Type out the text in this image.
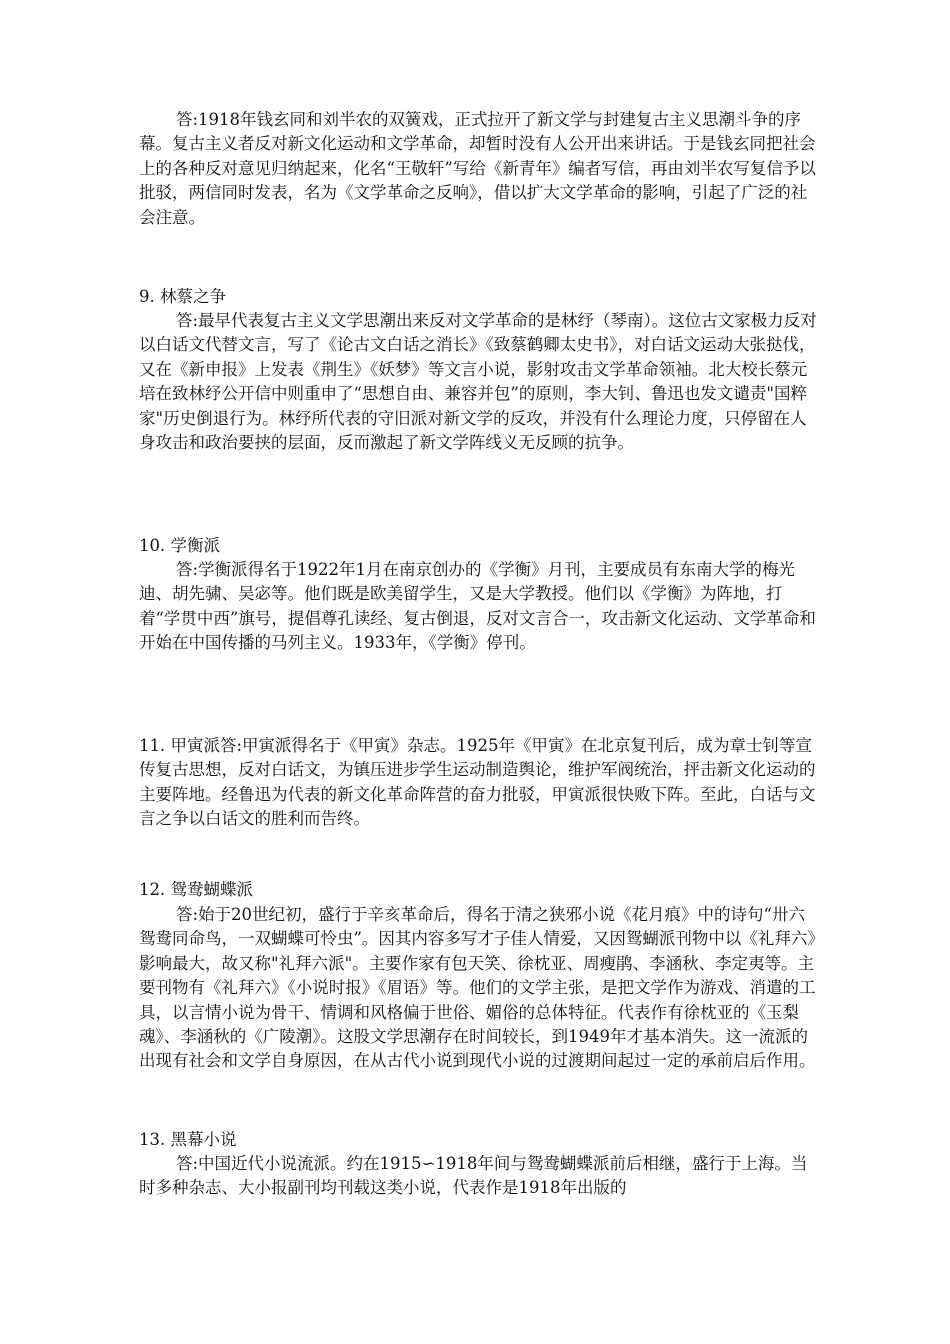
答:1918年钱玄同和刘半农的双簧戏，正式拉开了新文学与封建复古主义思潮斗争的序幕。复古主义者反对新文化运动和文学革命，却暂时没有人公开出来讲话。于是钱玄同把社会上的各种反对意见归纳起来，化名“王敬轩”写给《新青年》编者写信，再由刘半农写复信予以批驳，两信同时发表，名为《文学革命之反响》，借以扩大文学革命的影响，引起了广泛的社会注意。

9. 林蔡之争

答:最早代表复古主义文学思潮出来反对文学革命的是林纾（琴南）。这位古文家极力反对以白话文代替文言，写了《论古文白话之消长》《致蔡鹤卿太史书》，对白话文运动大张挞伐，又在《新申报》上发表《荆生》《妖梦》等文言小说，影射攻击文学革命领袖。北大校长蔡元培在致林纾公开信中则重申了“思想自由、兼容并包”的原则，李大钊、鲁迅也发文谴责"国粹家"历史倒退行为。林纾所代表的守旧派对新文学的反攻，并没有什么理论力度，只停留在人身攻击和政治要挟的层面，反而激起了新文学阵线义无反顾的抗争。

10. 学衡派

答:学衡派得名于1922年1月在南京创办的《学衡》月刊，主要成员有东南大学的梅光迪、胡先骕、吴宓等。他们既是欧美留学生，又是大学教授。他们以《学衡》为阵地，打着“学贯中西”旗号，提倡尊孔读经、复古倒退，反对文言合一，攻击新文化运动、文学革命和开始在中国传播的马列主义。1933年，《学衡》停刊。

11. 甲寅派答:甲寅派得名于《甲寅》杂志。1925年《甲寅》在北京复刊后，成为章士钊等宣传复古思想，反对白话文，为镇压进步学生运动制造舆论，维护军阀统治，抨击新文化运动的主要阵地。经鲁迅为代表的新文化革命阵营的奋力批驳，甲寅派很快败下阵。至此，白话与文言之争以白话文的胜利而告终。

12. 鸳鸯蝴蝶派

答:始于20世纪初，盛行于辛亥革命后，得名于清之狭邪小说《花月痕》中的诗句“卅六鸳鸯同命鸟，一双蝴蝶可怜虫”。因其内容多写才子佳人情爱，又因鸳蝴派刊物中以《礼拜六》影响最大，故又称"礼拜六派"。主要作家有包天笑、徐枕亚、周瘦鹃、李涵秋、李定夷等。主要刊物有《礼拜六》《小说时报》《眉语》等。他们的文学主张，是把文学作为游戏、消遣的工具，以言情小说为骨干、情调和风格偏于世俗、媚俗的总体特征。代表作有徐枕亚的《玉梨魂》、李涵秋的《广陵潮》。这股文学思潮存在时间较长，到1949年才基本消失。这一流派的出现有社会和文学自身原因，在从古代小说到现代小说的过渡期间起过一定的承前启后作用。

13. 黑幕小说

答:中国近代小说流派。约在1915∽1918年间与鸳鸯蝴蝶派前后相继，盛行于上海。当时多种杂志、大小报副刊均刊载这类小说，代表作是1918年出版的
